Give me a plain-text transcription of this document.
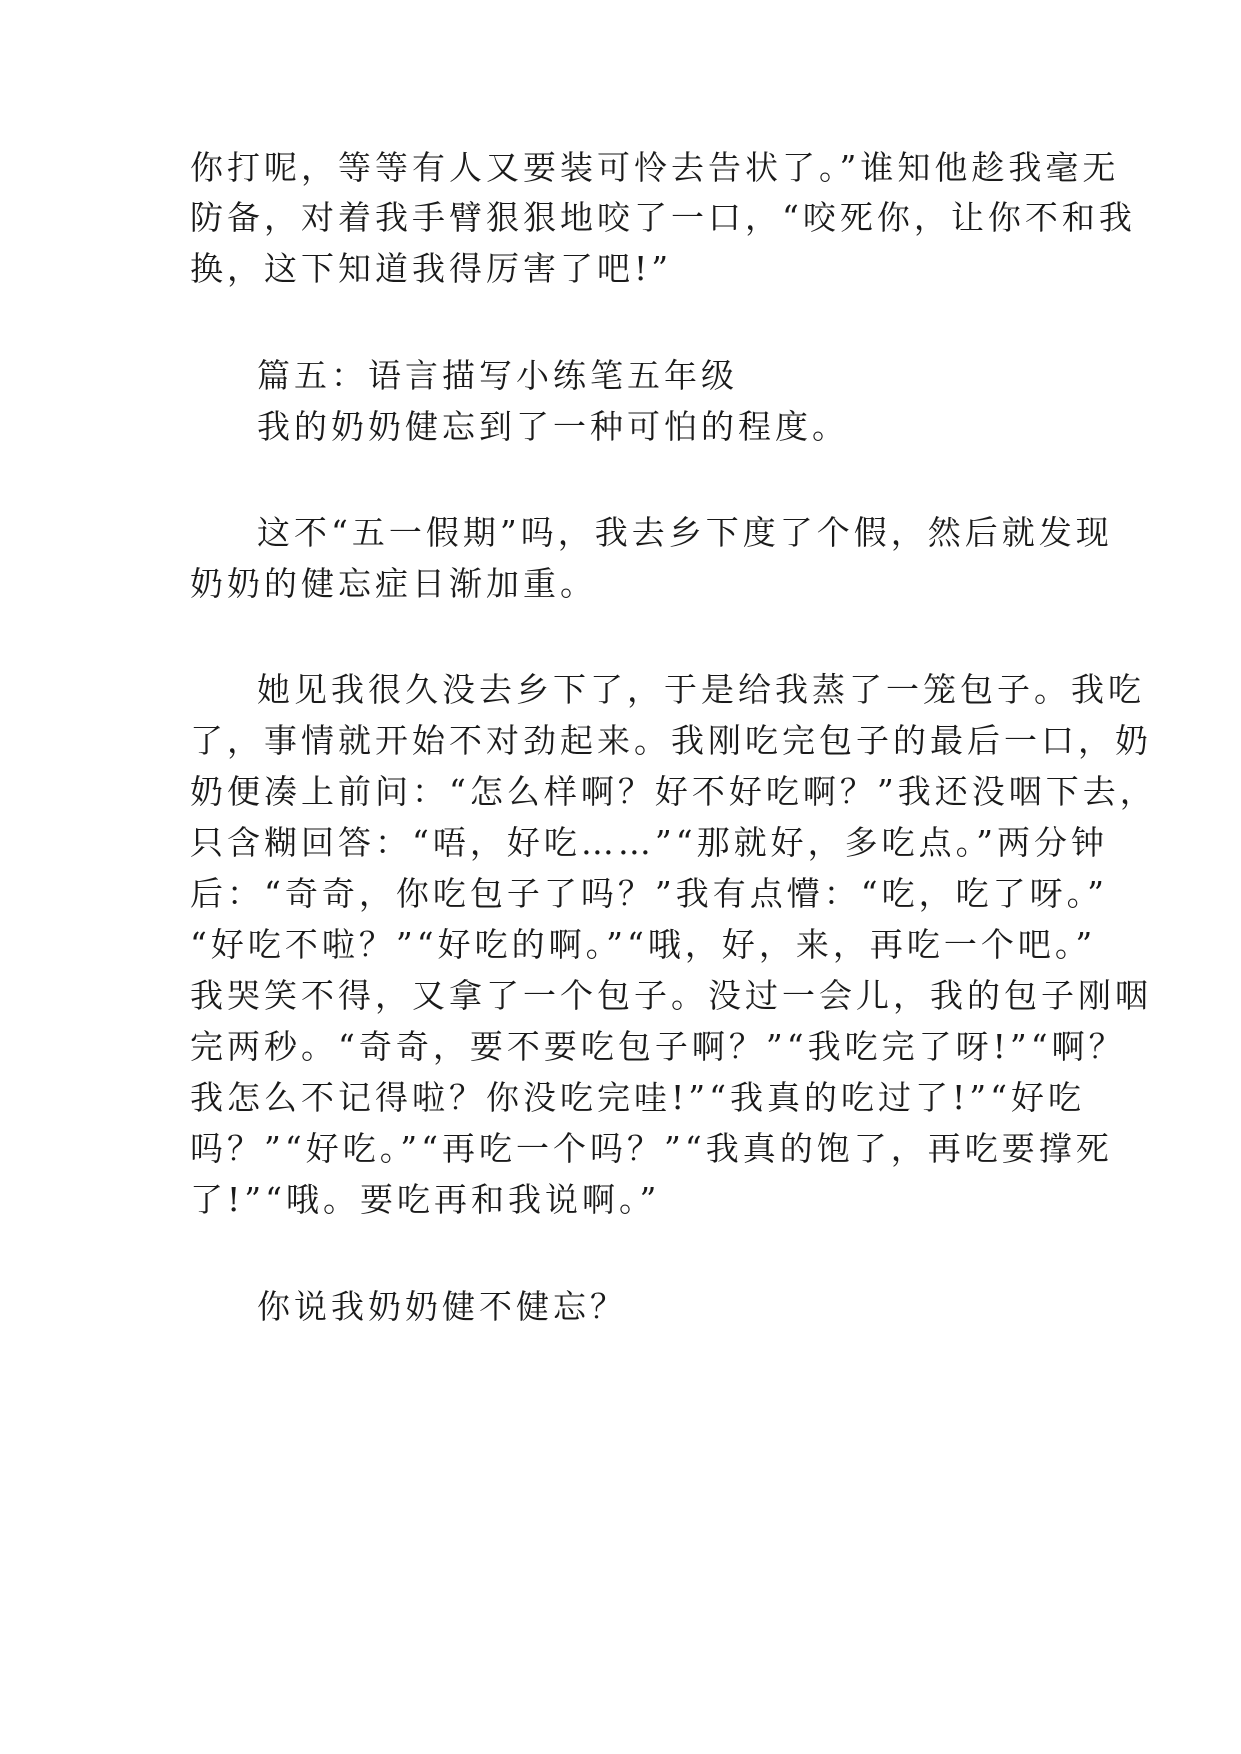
你打呢，等等有人又要装可怜去告状了。”谁知他趁我毫无
防备，对着我手臂狠狠地咬了一口，“咬死你，让你不和我
换，这下知道我得厉害了吧!”
篇五：语言描写小练笔五年级
我的奶奶健忘到了一种可怕的程度。
这不“五一假期”吗，我去乡下度了个假，然后就发现
奶奶的健忘症日渐加重。
她见我很久没去乡下了，于是给我蒸了一笼包子。我吃
了，事情就开始不对劲起来。我刚吃完包子的最后一口，奶
奶便凑上前问：“怎么样啊？好不好吃啊？”我还没咽下去，
只含糊回答：“唔，好吃……”“那就好，多吃点。”两分钟
后：“奇奇，你吃包子了吗？”我有点懵：“吃，吃了呀。”
“好吃不啦？”“好吃的啊。”“哦，好，来，再吃一个吧。”
我哭笑不得，又拿了一个包子。没过一会儿，我的包子刚咽
完两秒。“奇奇，要不要吃包子啊？”“我吃完了呀!”“啊？
我怎么不记得啦？你没吃完哇!”“我真的吃过了!”“好吃
吗？”“好吃。”“再吃一个吗？”“我真的饱了，再吃要撑死
了!”“哦。要吃再和我说啊。”
你说我奶奶健不健忘？
